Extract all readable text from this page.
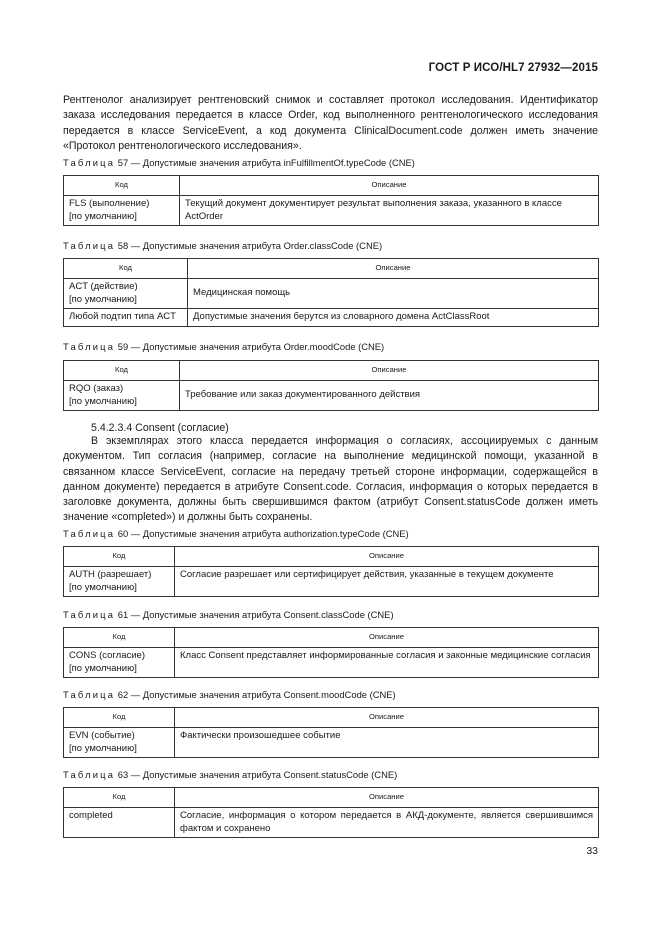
ГОСТ Р ИСО/HL7 27932—2015
Рентгенолог анализирует рентгеновский снимок и составляет протокол исследования. Идентификатор заказа исследования передается в классе Order, код выполненного рентгенологического исследования передается в классе ServiceEvent, а код документа ClinicalDocument.code должен иметь значение «Протокол рентгенологического исследования».
Таблица 57 — Допустимые значения атрибута inFulfillmentOf.typeCode (CNE)
Код	Описание
FLS (выполнение)
[по умолчанию]	Текущий документ документирует результат выполнения заказа, указанного в классе ActOrder
Таблица 58 — Допустимые значения атрибута Order.classCode (CNE)
Код	Описание
ACT (действие)
[по умолчанию]	Медицинская помощь
Любой подтип типа ACT	Допустимые значения берутся из словарного домена ActClassRoot
Таблица 59 — Допустимые значения атрибута Order.moodCode (CNE)
Код	Описание
RQO (заказ)
[по умолчанию]	Требование или заказ документированного действия
5.4.2.3.4 Consent (согласие)
В экземплярах этого класса передается информация о согласиях, ассоциируемых с данным документом. Тип согласия (например, согласие на выполнение медицинской помощи, указанной в связанном классе ServiceEvent, согласие на передачу третьей стороне информации, содержащейся в данном документе) передается в атрибуте Consent.code. Согласия, информация о которых передается в заголовке документа, должны быть свершившимся фактом (атрибут Consent.statusCode должен иметь значение «completed») и должны быть сохранены.
Таблица 60 — Допустимые значения атрибута authorization.typeCode (CNE)
Код	Описание
AUTH (разрешает)
[по умолчанию]	Согласие разрешает или сертифицирует действия, указанные в текущем документе
Таблица 61 — Допустимые значения атрибута Consent.classCode (CNE)
Код	Описание
CONS (согласие)
[по умолчанию]	Класс Consent представляет информированные согласия и законные медицинские согласия
Таблица 62 — Допустимые значения атрибута Consent.moodCode (CNE)
Код	Описание
EVN (событие)
[по умолчанию]	Фактически произошедшее событие
Таблица 63 — Допустимые значения атрибута Consent.statusCode (CNE)
Код	Описание
completed	Согласие, информация о котором передается в АКД-документе, является свершившимся фактом и сохранено
33
